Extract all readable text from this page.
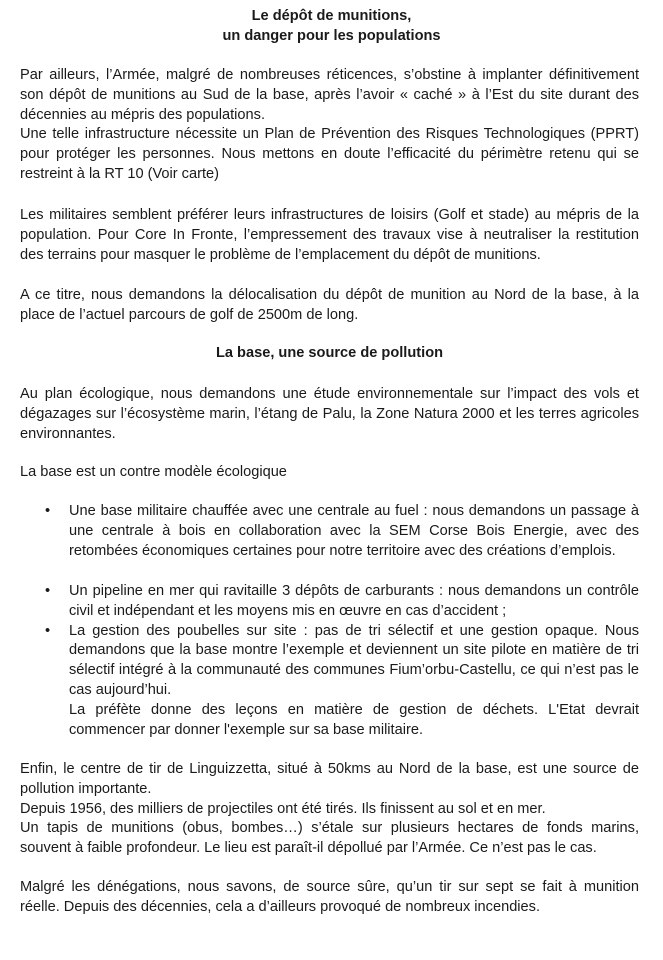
Le dépôt de munitions,

un danger pour les populations

Par ailleurs, l’Armée, malgré de nombreuses réticences, s’obstine à implanter définitivement son dépôt de munitions au Sud de la base, après l’avoir « caché » à l’Est du site durant des décennies au mépris des populations.

Une telle infrastructure nécessite un Plan de Prévention des Risques Technologiques (PPRT) pour protéger les personnes. Nous mettons en doute l’efficacité du périmètre retenu qui se restreint à la RT 10 (Voir carte)

Les militaires semblent préférer leurs infrastructures de loisirs (Golf et stade) au mépris de la population. Pour Core In Fronte, l’empressement des travaux vise à neutraliser la restitution des terrains pour masquer le problème de l’emplacement du dépôt de munitions.

A ce titre, nous demandons la délocalisation du dépôt de munition au Nord de la base, à la place de l’actuel parcours de golf de 2500m de long.

La base, une source de pollution

Au plan écologique, nous demandons une étude environnementale sur l’impact des vols et dégazages sur l’écosystème marin, l’étang de Palu, la Zone Natura 2000 et les terres agricoles environnantes.

La base est un contre modèle écologique

• Une base militaire chauffée avec une centrale au fuel : nous demandons un passage à une centrale à bois en collaboration avec la SEM Corse Bois Energie, avec des retombées économiques certaines pour notre territoire avec des créations d’emplois.
• Un pipeline en mer qui ravitaille 3 dépôts de carburants : nous demandons un contrôle civil et indépendant et les moyens mis en œuvre en cas d’accident ;
• La gestion des poubelles sur site : pas de tri sélectif et une gestion opaque. Nous demandons que la base montre l’exemple et deviennent un site pilote en matière de tri sélectif intégré à la communauté des communes Fium’orbu-Castellu, ce qui n’est pas le cas aujourd’hui.
La préfète donne des leçons en matière de gestion de déchets. L'Etat devrait commencer par donner l'exemple sur sa base militaire.

Enfin, le centre de tir de Linguizzetta, situé à 50kms au Nord de la base, est une source de pollution importante.

Depuis 1956, des milliers de projectiles ont été tirés. Ils finissent au sol et en mer.

Un tapis de munitions (obus, bombes…) s’étale sur plusieurs hectares de fonds marins, souvent à faible profondeur. Le lieu est paraît-il dépollué par l’Armée. Ce n’est pas le cas.

Malgré les dénégations, nous savons, de source sûre, qu’un tir sur sept se fait à munition réelle. Depuis des décennies, cela a d’ailleurs provoqué de nombreux incendies.
